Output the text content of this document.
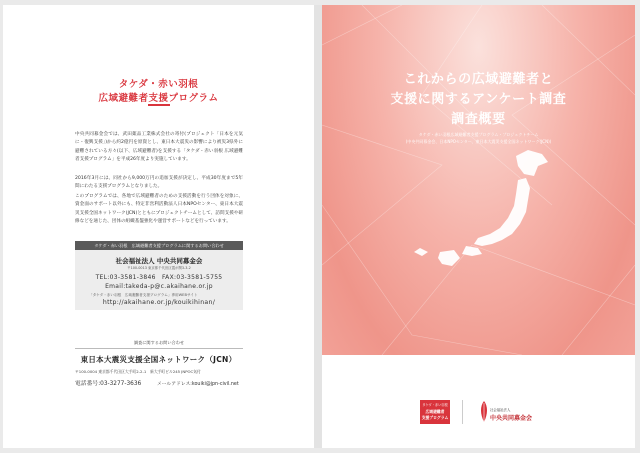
タケダ・赤い羽根
広域避難者支援プログラム
中央共同募金会では、武田薬品工業株式会社の寄付(プロジェクト「日本を元気に・復興支援」)から約2億円を原資とし、東日本大震災の影響により被災3県外に避難されている方々(以下、広域避難者)を支援する「タケダ・赤い羽根 広域避難者支援プログラム」を平成26年度より実施しています。
2016年3月には、同社から9,000万円の追加支援が決定し、平成30年度まで5年間にわたる支援プログラムとなりました。
このプログラムでは、各地で広域避難者のための支援活動を行う団体を対象に、資金面のサポート以外にも、特定非営利活動法人日本NPOセンター、東日本大震災支援全国ネットワーク(JCN)とともにプロジェクトチームとして、訪問支援や研修などを通じた、団体の組織基盤強化や運営サポートなどを行っています。
タケダ・赤い羽根　広域避難者支援プログラムに関するお問い合わせ
社会福祉法人 中央共同募金会
〒100-0013 東京都千代田区霞が関3-3-2
TEL:03-3581-3846　FAX:03-3581-5755
Email:takeda-p@c.akaihane.or.jp
「タケダ・赤い羽根　広域避難者支援プログラム」専用WEBサイト
http://akaihane.or.jp/kouikihinan/
調査に関するお問い合わせ
東日本大震災支援全国ネットワーク（JCN）
〒100-0004 東京都千代田区大手町2-2-1　新大手町ビル245 JNPOC気付
電話番号:03-3277-3636	メールアドレス:kouiki@jpn-civil.net
これからの広域避難者と
支援に関するアンケート調査
調査概要
タケダ・赤い羽根広域避難者支援プログラム・プロジェクトチーム
(中央共同募金会、日本NPOセンター、東日本大震災支援全国ネットワーク(JCN))
タケダ・赤い羽根
広域避難者
支援プログラム
社会福祉法人
中央共同募金会
